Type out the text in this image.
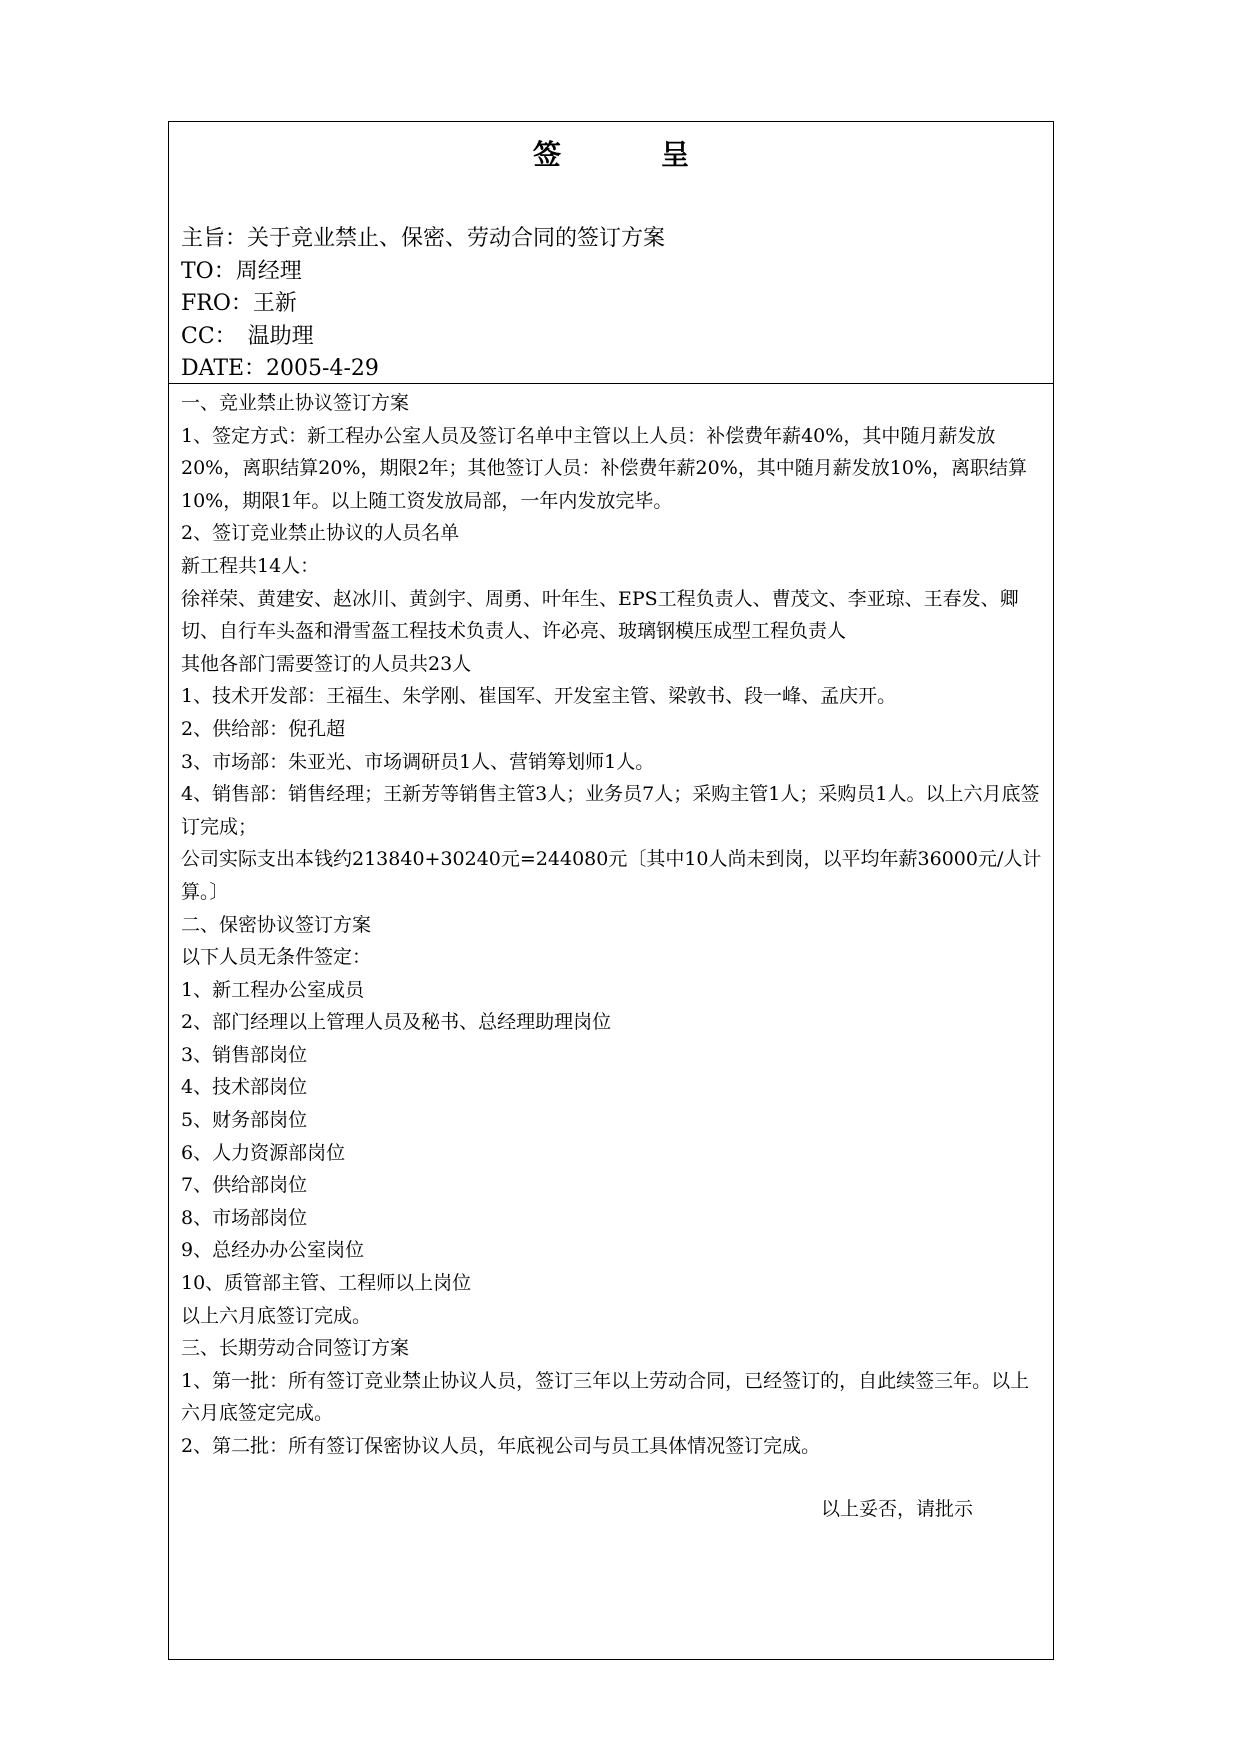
签　呈
主旨：关于竞业禁止、保密、劳动合同的签订方案
TO：周经理
FRO：王新
CC：　温助理
DATE：2005-4-29

一、竞业禁止协议签订方案

1、签定方式：新工程办公室人员及签订名单中主管以上人员：补偿费年薪40%，其中随月薪发放20%，离职结算20%，期限2年；其他签订人员：补偿费年薪20%，其中随月薪发放10%，离职结算10%，期限1年。以上随工资发放局部，一年内发放完毕。

2、签订竞业禁止协议的人员名单

新工程共14人：

徐祥荣、黄建安、赵冰川、黄剑宇、周勇、叶年生、EPS工程负责人、曹茂文、李亚琼、王春发、卿切、自行车头盔和滑雪盔工程技术负责人、许必亮、玻璃钢模压成型工程负责人

其他各部门需要签订的人员共23人

1、技术开发部：王福生、朱学刚、崔国军、开发室主管、梁敦书、段一峰、孟庆开。

2、供给部：倪孔超

3、市场部：朱亚光、市场调研员1人、营销筹划师1人。

4、销售部：销售经理；王新芳等销售主管3人；业务员7人；采购主管1人；采购员1人。以上六月底签订完成；

公司实际支出本钱约213840+30240元=244080元〔其中10人尚未到岗，以平均年薪36000元/人计算。〕

二、保密协议签订方案

以下人员无条件签定：

1、新工程办公室成员

2、部门经理以上管理人员及秘书、总经理助理岗位

3、销售部岗位

4、技术部岗位

5、财务部岗位

6、人力资源部岗位

7、供给部岗位

8、市场部岗位

9、总经办办公室岗位

10、质管部主管、工程师以上岗位

以上六月底签订完成。

三、长期劳动合同签订方案

1、第一批：所有签订竞业禁止协议人员，签订三年以上劳动合同，已经签订的，自此续签三年。以上六月底签定完成。

2、第二批：所有签订保密协议人员，年底视公司与员工具体情况签订完成。

以上妥否，请批示
